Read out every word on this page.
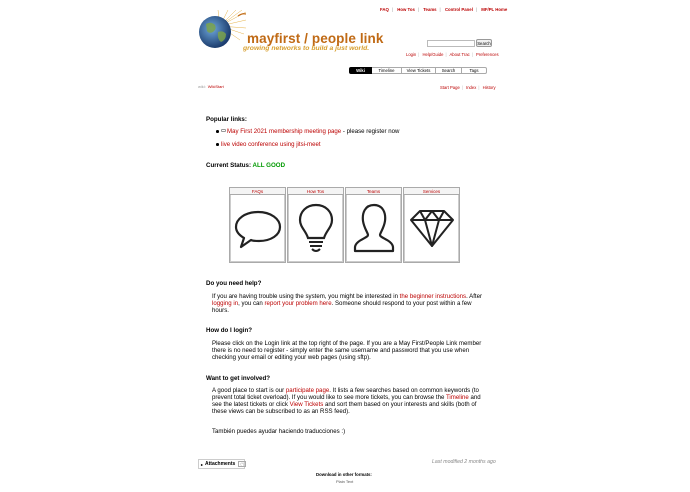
FAQ | How Tos | Teams | Control Panel | MF/PL Home
mayfirst / people link
growing networks to build a just world.
Search
Login | Help/Guide | About Trac | Preferences
Wiki	Timeline	View Tickets	Search	Tags
wiki: WikiStart	Start Page | Index | History
Popular links:
May First 2021 membership meeting page - please register now
live video conference using jitsi-meet
Current Status: ALL GOOD
FAQs	How Tos	Teams	Services
Do you need help?

If you are having trouble using the system, you might be interested in the beginner instructions. After logging in, you can report your problem here. Someone should respond to your post within a few hours.

How do I login?

Please click on the Login link at the top right of the page. If you are a May First/People Link member there is no need to register - simply enter the same username and password that you use when checking your email or editing your web pages (using sftp).

Want to get involved?

A good place to start is our participate page. It lists a few searches based on common keywords (to prevent total ticket overload). If you would like to see more tickets, you can browse the Timeline and see the latest tickets or click View Tickets and sort them based on your interests and skills (both of these views can be subscribed to as an RSS feed).

También puedes ayudar haciendo traducciones :)

▸ Attachments	(*)	Last modified 2 months ago
Download in other formats:
Plain Text
